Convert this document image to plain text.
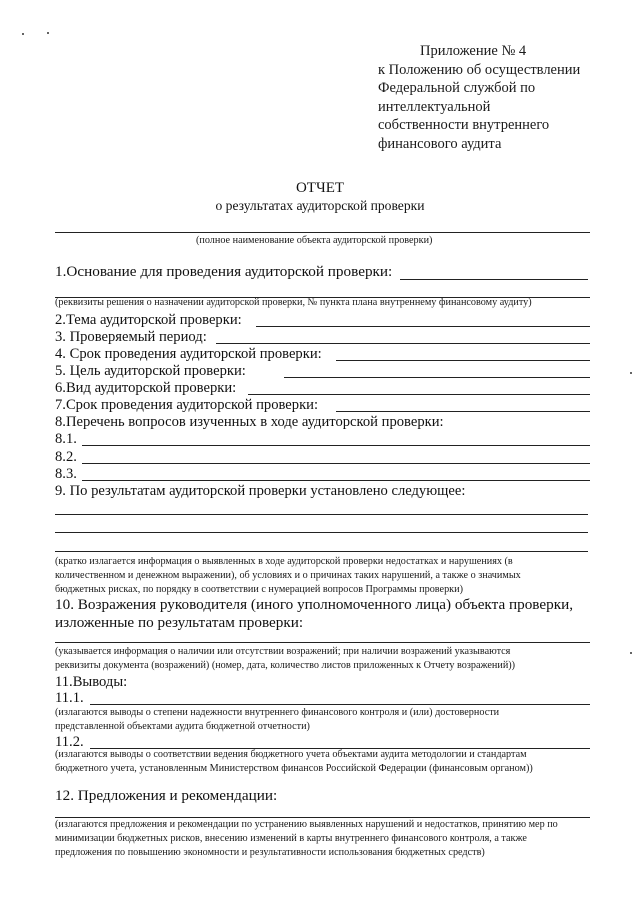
Приложение № 4
к Положению об осуществлении
Федеральной службой по
интеллектуальной
собственности внутреннего
финансового аудита
ОТЧЕТ
о результатах аудиторской проверки
(полное наименование объекта аудиторской проверки)
1.Основание для проведения аудиторской проверки:
(реквизиты решения о назначении аудиторской проверки, № пункта плана внутреннему финансовому аудиту)
2.Тема аудиторской проверки:
3. Проверяемый период:
4. Срок проведения аудиторской проверки:
5. Цель аудиторской проверки:
6.Вид аудиторской проверки:
7.Срок проведения аудиторской проверки:
8.Перечень вопросов изученных в ходе аудиторской проверки:
8.1.
8.2.
8.3.
9. По результатам аудиторской проверки установлено следующее:
(кратко излагается информация о выявленных в ходе аудиторской проверки недостатках и нарушениях (в
количественном и денежном выражении), об условиях и о причинах таких нарушений, а также о значимых
бюджетных рисках, по порядку в соответствии с нумерацией вопросов Программы проверки)
10. Возражения руководителя (иного уполномоченного лица) объекта проверки,
изложенные по результатам проверки:
(указывается информация о наличии или отсутствии возражений; при наличии возражений указываются
реквизиты документа (возражений) (номер, дата, количество листов приложенных к Отчету возражений))
11.Выводы:
11.1.
(излагаются выводы о степени надежности внутреннего финансового контроля и (или) достоверности
представленной объектами аудита бюджетной отчетности)
11.2.
(излагаются выводы о соответствии ведения бюджетного учета объектами аудита методологии и стандартам
бюджетного учета, установленным Министерством финансов Российской Федерации (финансовым органом))
12. Предложения и рекомендации:
(излагаются предложения и рекомендации по устранению выявленных нарушений и недостатков, принятию мер по
минимизации бюджетных рисков, внесению изменений в карты внутреннего финансового контроля, а также
предложения по повышению экономности и результативности использования бюджетных средств)
